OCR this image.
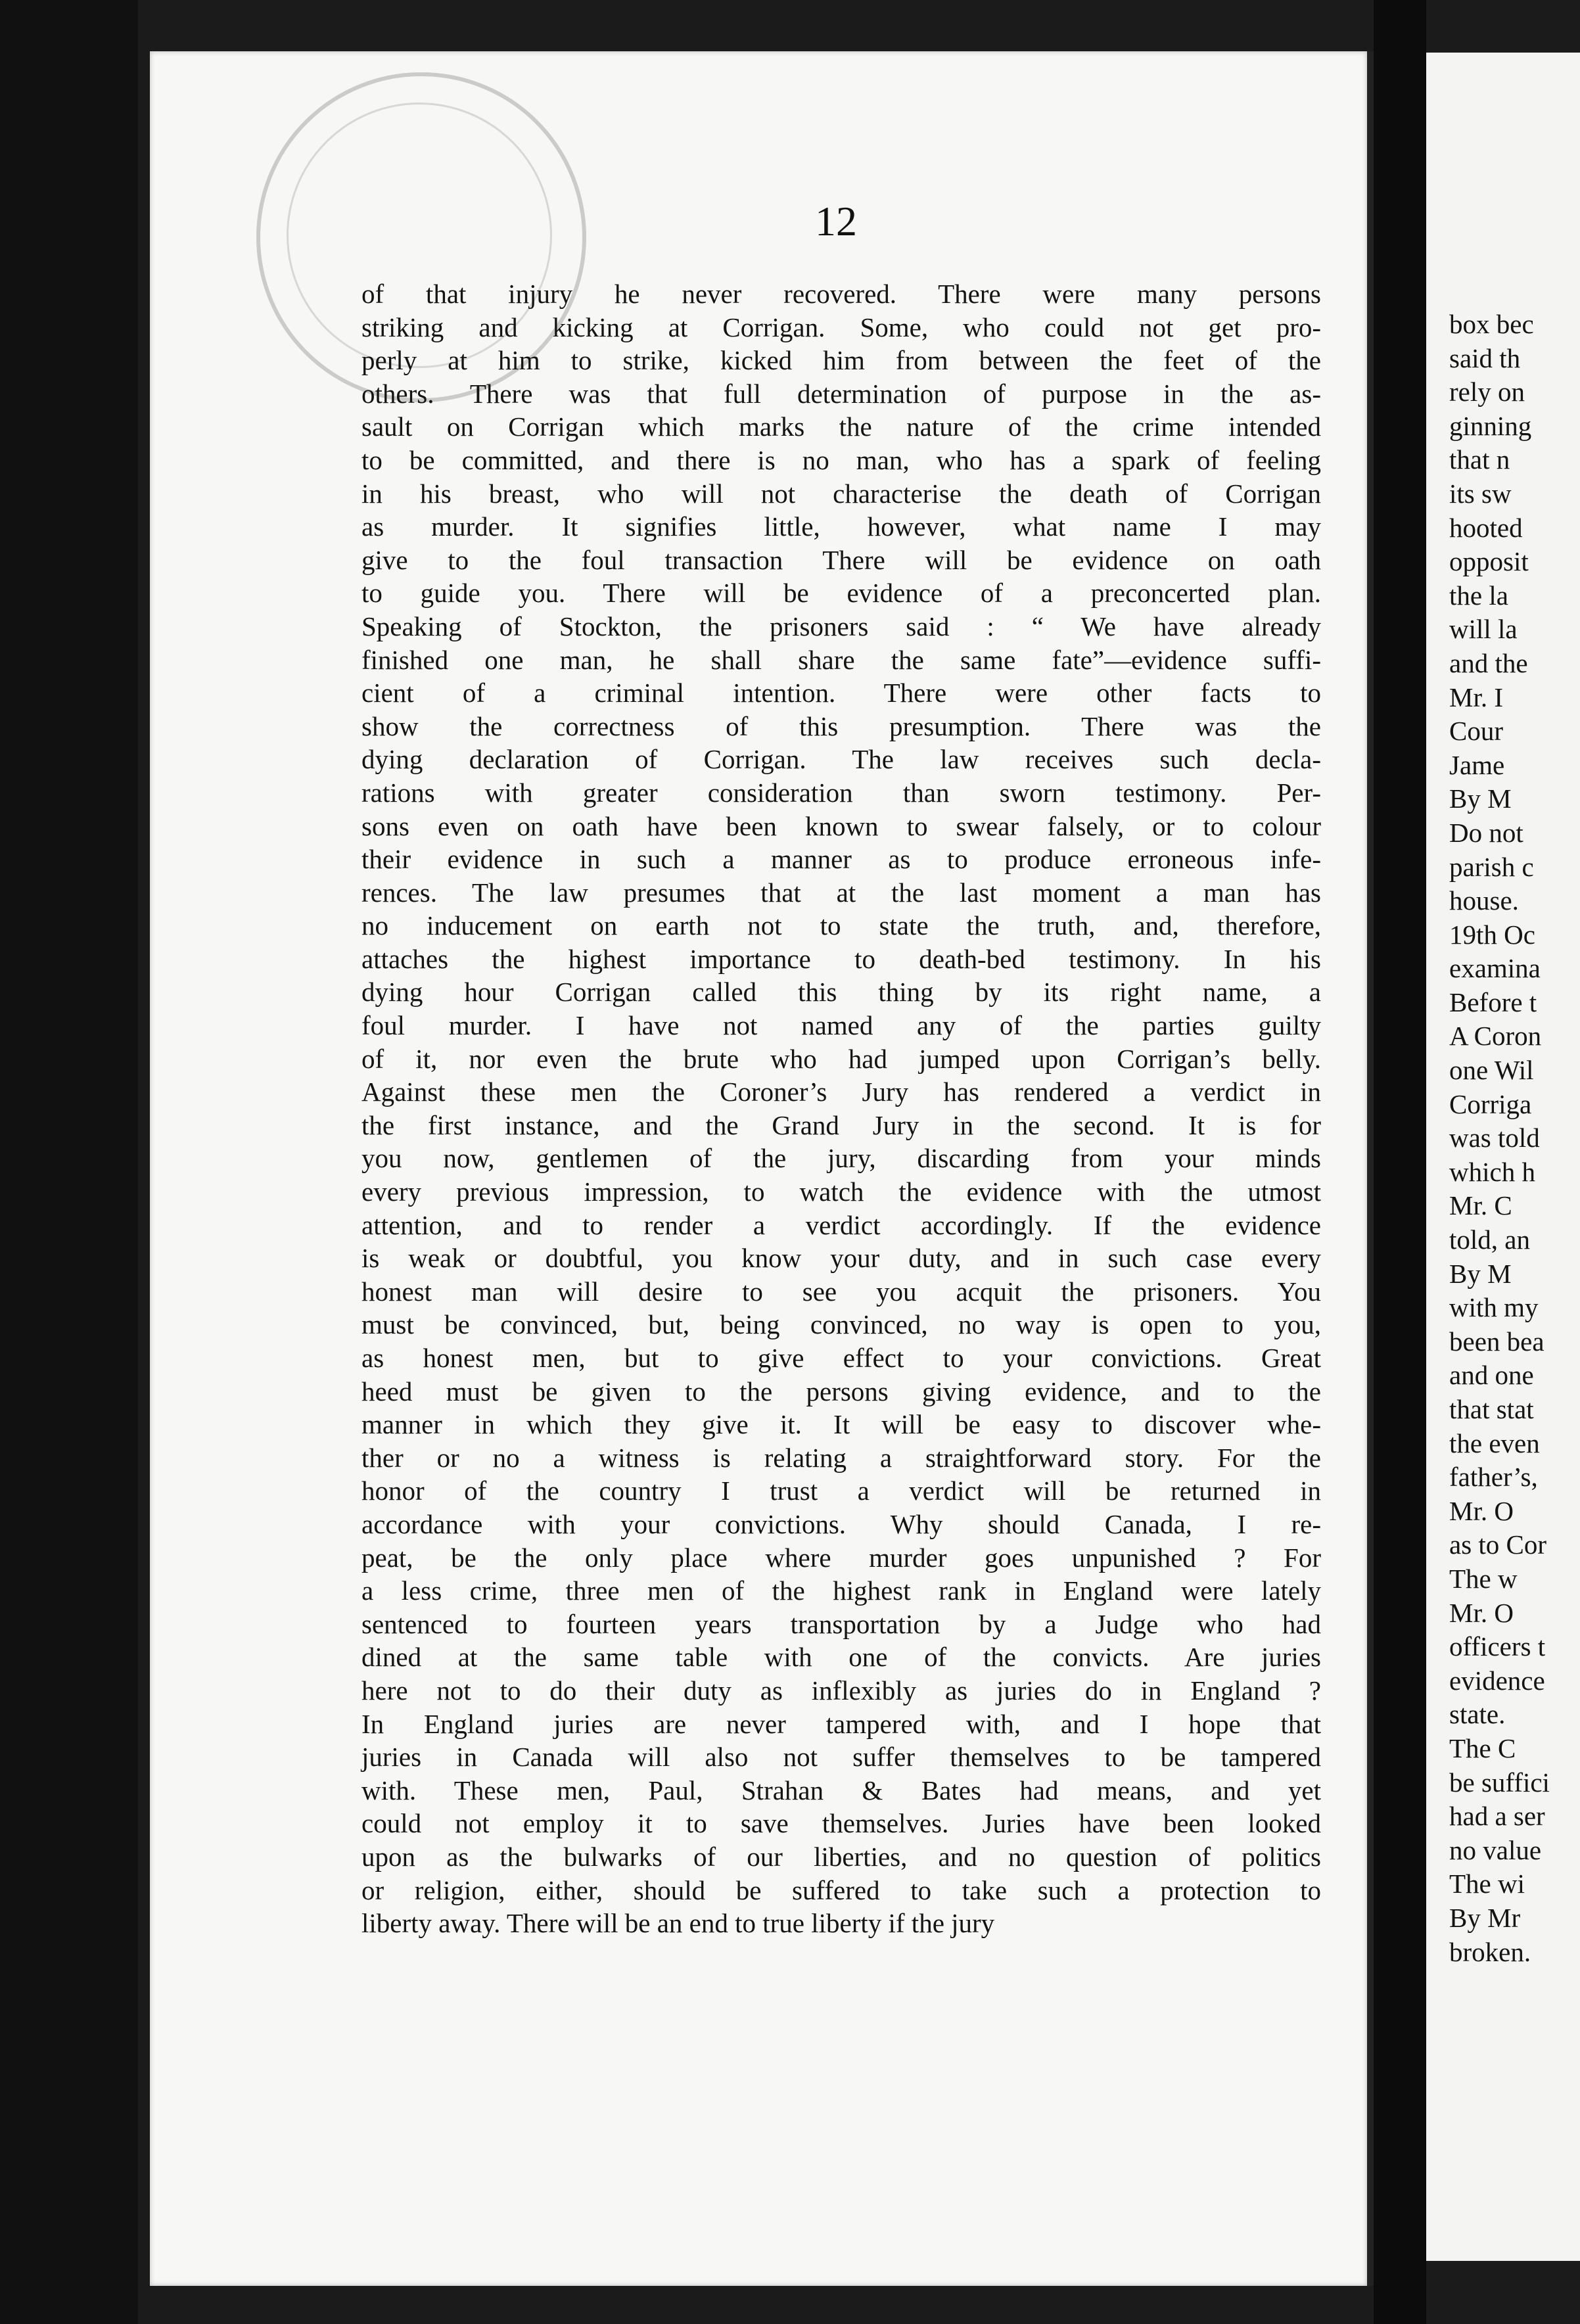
12
of that injury he never recovered. There were many persons
striking and kicking at Corrigan. Some, who could not get pro-
perly at him to strike, kicked him from between the feet of the
others. There was that full determination of purpose in the as-
sault on Corrigan which marks the nature of the crime intended
to be committed, and there is no man, who has a spark of feeling
in his breast, who will not characterise the death of Corrigan
as murder. It signifies little, however, what name I may
give to the foul transaction There will be evidence on oath
to guide you. There will be evidence of a preconcerted plan.
Speaking of Stockton, the prisoners said : “ We have already
finished one man, he shall share the same fate”—evidence suffi-
cient of a criminal intention. There were other facts to
show the correctness of this presumption. There was the
dying declaration of Corrigan. The law receives such decla-
rations with greater consideration than sworn testimony. Per-
sons even on oath have been known to swear falsely, or to colour
their evidence in such a manner as to produce erroneous infe-
rences. The law presumes that at the last moment a man has
no inducement on earth not to state the truth, and, therefore,
attaches the highest importance to death-bed testimony. In his
dying hour Corrigan called this thing by its right name, a
foul murder. I have not named any of the parties guilty
of it, nor even the brute who had jumped upon Corrigan’s belly.
Against these men the Coroner’s Jury has rendered a verdict in
the first instance, and the Grand Jury in the second. It is for
you now, gentlemen of the jury, discarding from your minds
every previous impression, to watch the evidence with the utmost
attention, and to render a verdict accordingly. If the evidence
is weak or doubtful, you know your duty, and in such case every
honest man will desire to see you acquit the prisoners. You
must be convinced, but, being convinced, no way is open to you,
as honest men, but to give effect to your convictions. Great
heed must be given to the persons giving evidence, and to the
manner in which they give it. It will be easy to discover whe-
ther or no a witness is relating a straightforward story. For the
honor of the country I trust a verdict will be returned in
accordance with your convictions. Why should Canada, I re-
peat, be the only place where murder goes unpunished ? For
a less crime, three men of the highest rank in England were lately
sentenced to fourteen years transportation by a Judge who had
dined at the same table with one of the convicts. Are juries
here not to do their duty as inflexibly as juries do in England ?
In England juries are never tampered with, and I hope that
juries in Canada will also not suffer themselves to be tampered
with. These men, Paul, Strahan & Bates had means, and yet
could not employ it to save themselves. Juries have been looked
upon as the bulwarks of our liberties, and no question of politics
or religion, either, should be suffered to take such a protection to
liberty away. There will be an end to true liberty if the jury
box bec
said th
rely on
ginning
that n
its sw
hooted
opposit
the la
will la
and the
Mr. I
Cour
Jame
By M
Do not
parish c
house.
19th Oc
examina
Before t
A Coron
one Wil
Corriga
was told
which h
Mr. C
told, an
By M
with my
been bea
and one
that stat
the even
father’s,
Mr. O
as to Cor
The w
Mr. O
officers t
evidence
state.
The C
be suffici
had a ser
no value
The wi
By Mr
broken.
